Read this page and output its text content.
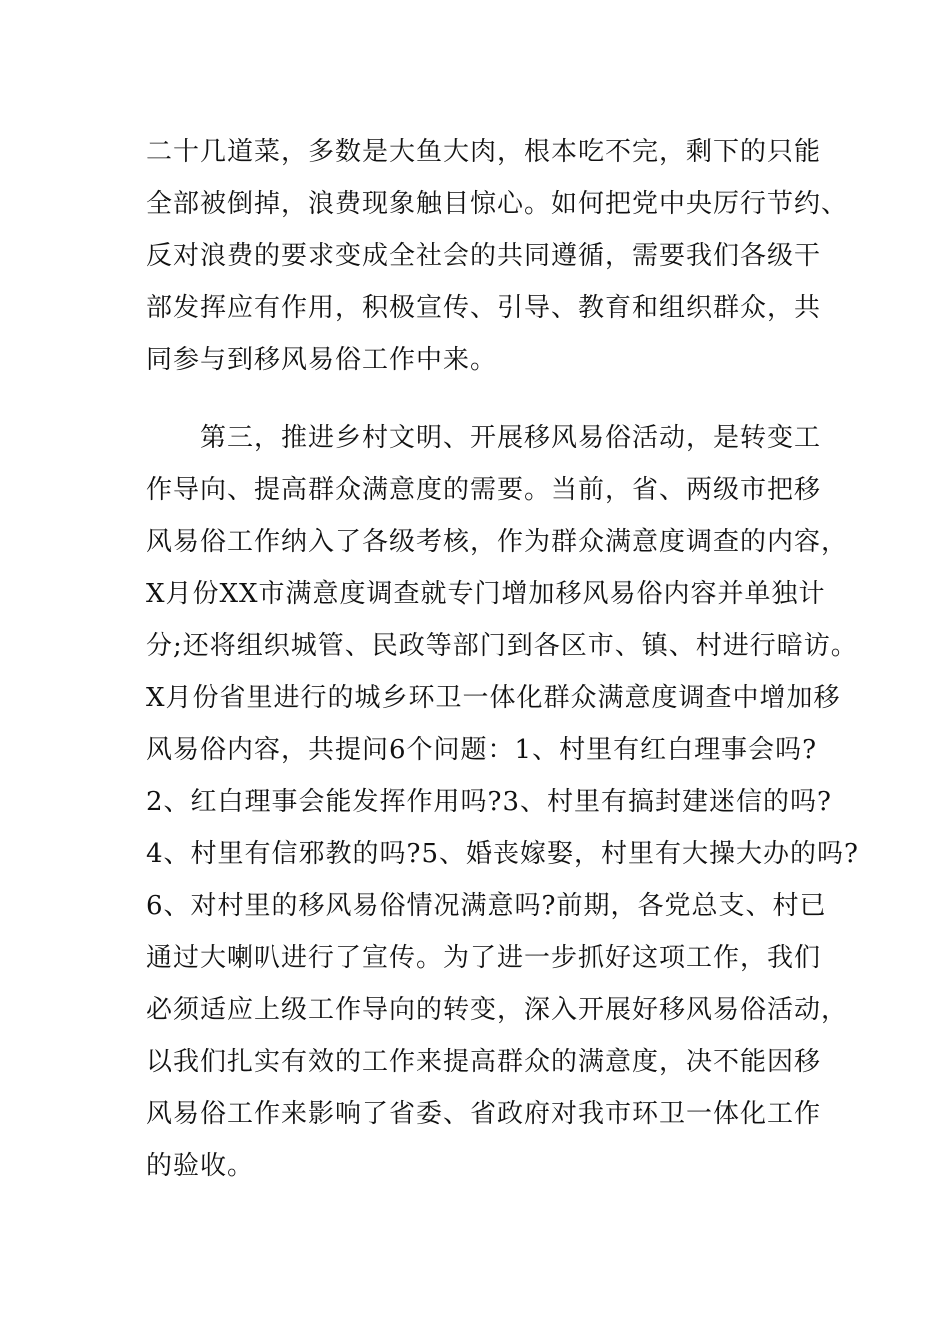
二十几道菜，多数是大鱼大肉，根本吃不完，剩下的只能
全部被倒掉，浪费现象触目惊心。如何把党中央厉行节约、
反对浪费的要求变成全社会的共同遵循，需要我们各级干
部发挥应有作用，积极宣传、引导、教育和组织群众，共
同参与到移风易俗工作中来。
第三，推进乡村文明、开展移风易俗活动，是转变工
作导向、提高群众满意度的需要。当前，省、两级市把移
风易俗工作纳入了各级考核，作为群众满意度调查的内容，
X月份XX市满意度调查就专门增加移风易俗内容并单独计
分;还将组织城管、民政等部门到各区市、镇、村进行暗访。
X月份省里进行的城乡环卫一体化群众满意度调查中增加移
风易俗内容，共提问6个问题：1、村里有红白理事会吗?
2、红白理事会能发挥作用吗?3、村里有搞封建迷信的吗?
4、村里有信邪教的吗?5、婚丧嫁娶，村里有大操大办的吗?
6、对村里的移风易俗情况满意吗?前期，各党总支、村已
通过大喇叭进行了宣传。为了进一步抓好这项工作，我们
必须适应上级工作导向的转变，深入开展好移风易俗活动，
以我们扎实有效的工作来提高群众的满意度，决不能因移
风易俗工作来影响了省委、省政府对我市环卫一体化工作
的验收。
